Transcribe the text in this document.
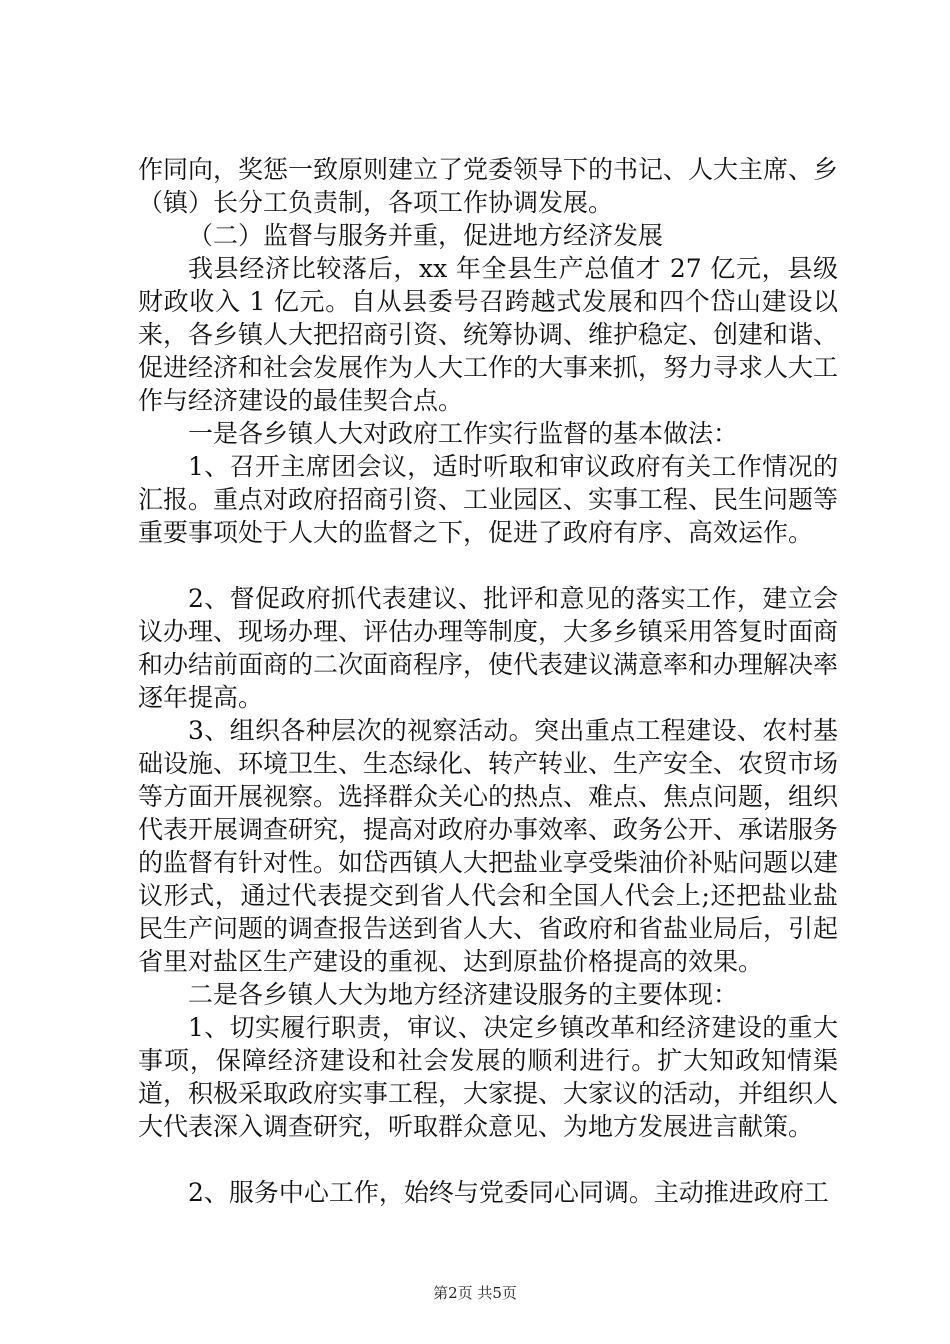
作同向，奖惩一致原则建立了党委领导下的书记、人大主席、乡（镇）长分工负责制，各项工作协调发展。

（二）监督与服务并重，促进地方经济发展

我县经济比较落后，xx 年全县生产总值才 27 亿元，县级财政收入 1 亿元。自从县委号召跨越式发展和四个岱山建设以来，各乡镇人大把招商引资、统筹协调、维护稳定、创建和谐、促进经济和社会发展作为人大工作的大事来抓，努力寻求人大工作与经济建设的最佳契合点。

一是各乡镇人大对政府工作实行监督的基本做法：

1、召开主席团会议，适时听取和审议政府有关工作情况的汇报。重点对政府招商引资、工业园区、实事工程、民生问题等重要事项处于人大的监督之下，促进了政府有序、高效运作。

2、督促政府抓代表建议、批评和意见的落实工作，建立会议办理、现场办理、评估办理等制度，大多乡镇采用答复时面商和办结前面商的二次面商程序，使代表建议满意率和办理解决率逐年提高。

3、组织各种层次的视察活动。突出重点工程建设、农村基础设施、环境卫生、生态绿化、转产转业、生产安全、农贸市场等方面开展视察。选择群众关心的热点、难点、焦点问题，组织代表开展调查研究，提高对政府办事效率、政务公开、承诺服务的监督有针对性。如岱西镇人大把盐业享受柴油价补贴问题以建议形式，通过代表提交到省人代会和全国人代会上;还把盐业盐民生产问题的调查报告送到省人大、省政府和省盐业局后，引起省里对盐区生产建设的重视、达到原盐价格提高的效果。

二是各乡镇人大为地方经济建设服务的主要体现：

1、切实履行职责，审议、决定乡镇改革和经济建设的重大事项，保障经济建设和社会发展的顺利进行。扩大知政知情渠道，积极采取政府实事工程，大家提、大家议的活动，并组织人大代表深入调查研究，听取群众意见、为地方发展进言献策。

2、服务中心工作，始终与党委同心同调。主动推进政府工

第2页 共5页
